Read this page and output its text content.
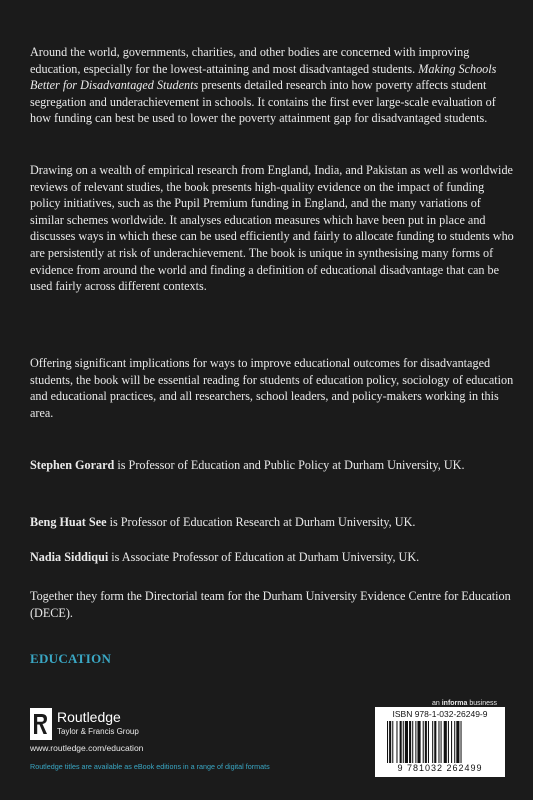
Around the world, governments, charities, and other bodies are concerned with improving education, especially for the lowest-attaining and most disadvantaged students. Making Schools Better for Disadvantaged Students presents detailed research into how poverty affects student segregation and underachievement in schools. It contains the first ever large-scale evaluation of how funding can best be used to lower the poverty attainment gap for disadvantaged students.

Drawing on a wealth of empirical research from England, India, and Pakistan as well as worldwide reviews of relevant studies, the book presents high-quality evidence on the impact of funding policy initiatives, such as the Pupil Premium funding in England, and the many variations of similar schemes worldwide. It analyses education measures which have been put in place and discusses ways in which these can be used efficiently and fairly to allocate funding to students who are persistently at risk of underachievement. The book is unique in synthesising many forms of evidence from around the world and finding a definition of educational disadvantage that can be used fairly across different contexts.

Offering significant implications for ways to improve educational outcomes for disadvantaged students, the book will be essential reading for students of education policy, sociology of education and educational practices, and all researchers, school leaders, and policy-makers working in this area.

Stephen Gorard is Professor of Education and Public Policy at Durham University, UK.

Beng Huat See is Professor of Education Research at Durham University, UK.

Nadia Siddiqui is Associate Professor of Education at Durham University, UK.

Together they form the Directorial team for the Durham University Evidence Centre for Education (DECE).

EDUCATION
Routledge
Taylor & Francis Group
www.routledge.com/education
Routledge titles are available as eBook editions in a range of digital formats
an informa business
ISBN 978-1-032-26249-9
9 781032 262499
